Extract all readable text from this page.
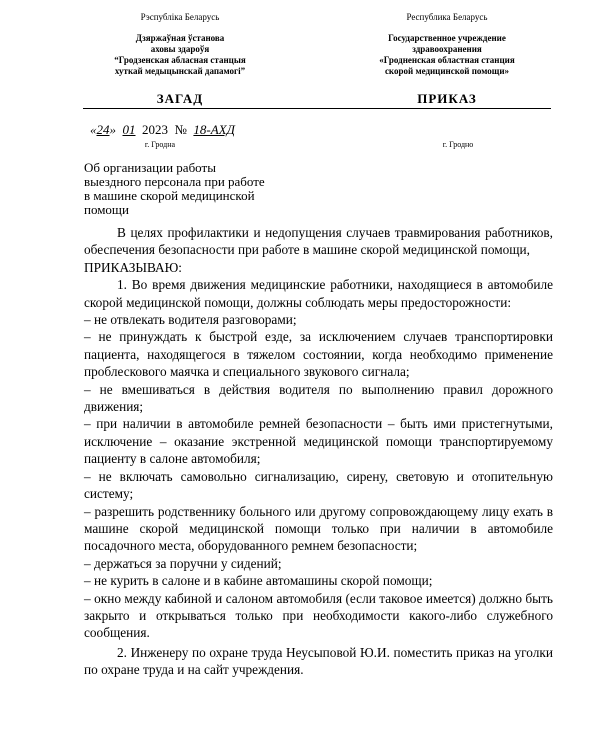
Рэспубліка Беларусь
Дзяржаўная ўстанова
аховы здароўя
“Гродзенская абласная станцыя
хуткай медыцынскай дапамогі”
Республика Беларусь
Государственное учреждение
здравоохранения
«Гродненская областная станция
скорой медицинской помощи»
ЗАГАД	ПРИКАЗ
«24» 01 2023 № 18-АХД
г. Гродна	г. Гродно
Об организации работы
выездного персонала при работе
в машине скорой медицинской
помощи

В целях профилактики и недопущения случаев травмирования работников, обеспечения безопасности при работе в машине скорой медицинской помощи,

ПРИКАЗЫВАЮ:

1. Во время движения медицинские работники, находящиеся в автомобиле скорой медицинской помощи, должны соблюдать меры предосторожности:

– не отвлекать водителя разговорами;

– не принуждать к быстрой езде, за исключением случаев транспортировки пациента, находящегося в тяжелом состоянии, когда необходимо применение проблескового маячка и специального звукового сигнала;

– не вмешиваться в действия водителя по выполнению правил дорожного движения;

– при наличии в автомобиле ремней безопасности – быть ими пристегнутыми, исключение – оказание экстренной медицинской помощи транспортируемому пациенту в салоне автомобиля;

– не включать самовольно сигнализацию, сирену, световую и отопительную систему;

– разрешить родственнику больного или другому сопровождающему лицу ехать в машине скорой медицинской помощи только при наличии в автомобиле посадочного места, оборудованного ремнем безопасности;

– держаться за поручни у сидений;

– не курить в салоне и в кабине автомашины скорой помощи;

– окно между кабиной и салоном автомобиля (если таковое имеется) должно быть закрыто и открываться только при необходимости какого-либо служебного сообщения.

2. Инженеру по охране труда Неусыповой Ю.И. поместить приказ на уголки по охране труда и на сайт учреждения.
